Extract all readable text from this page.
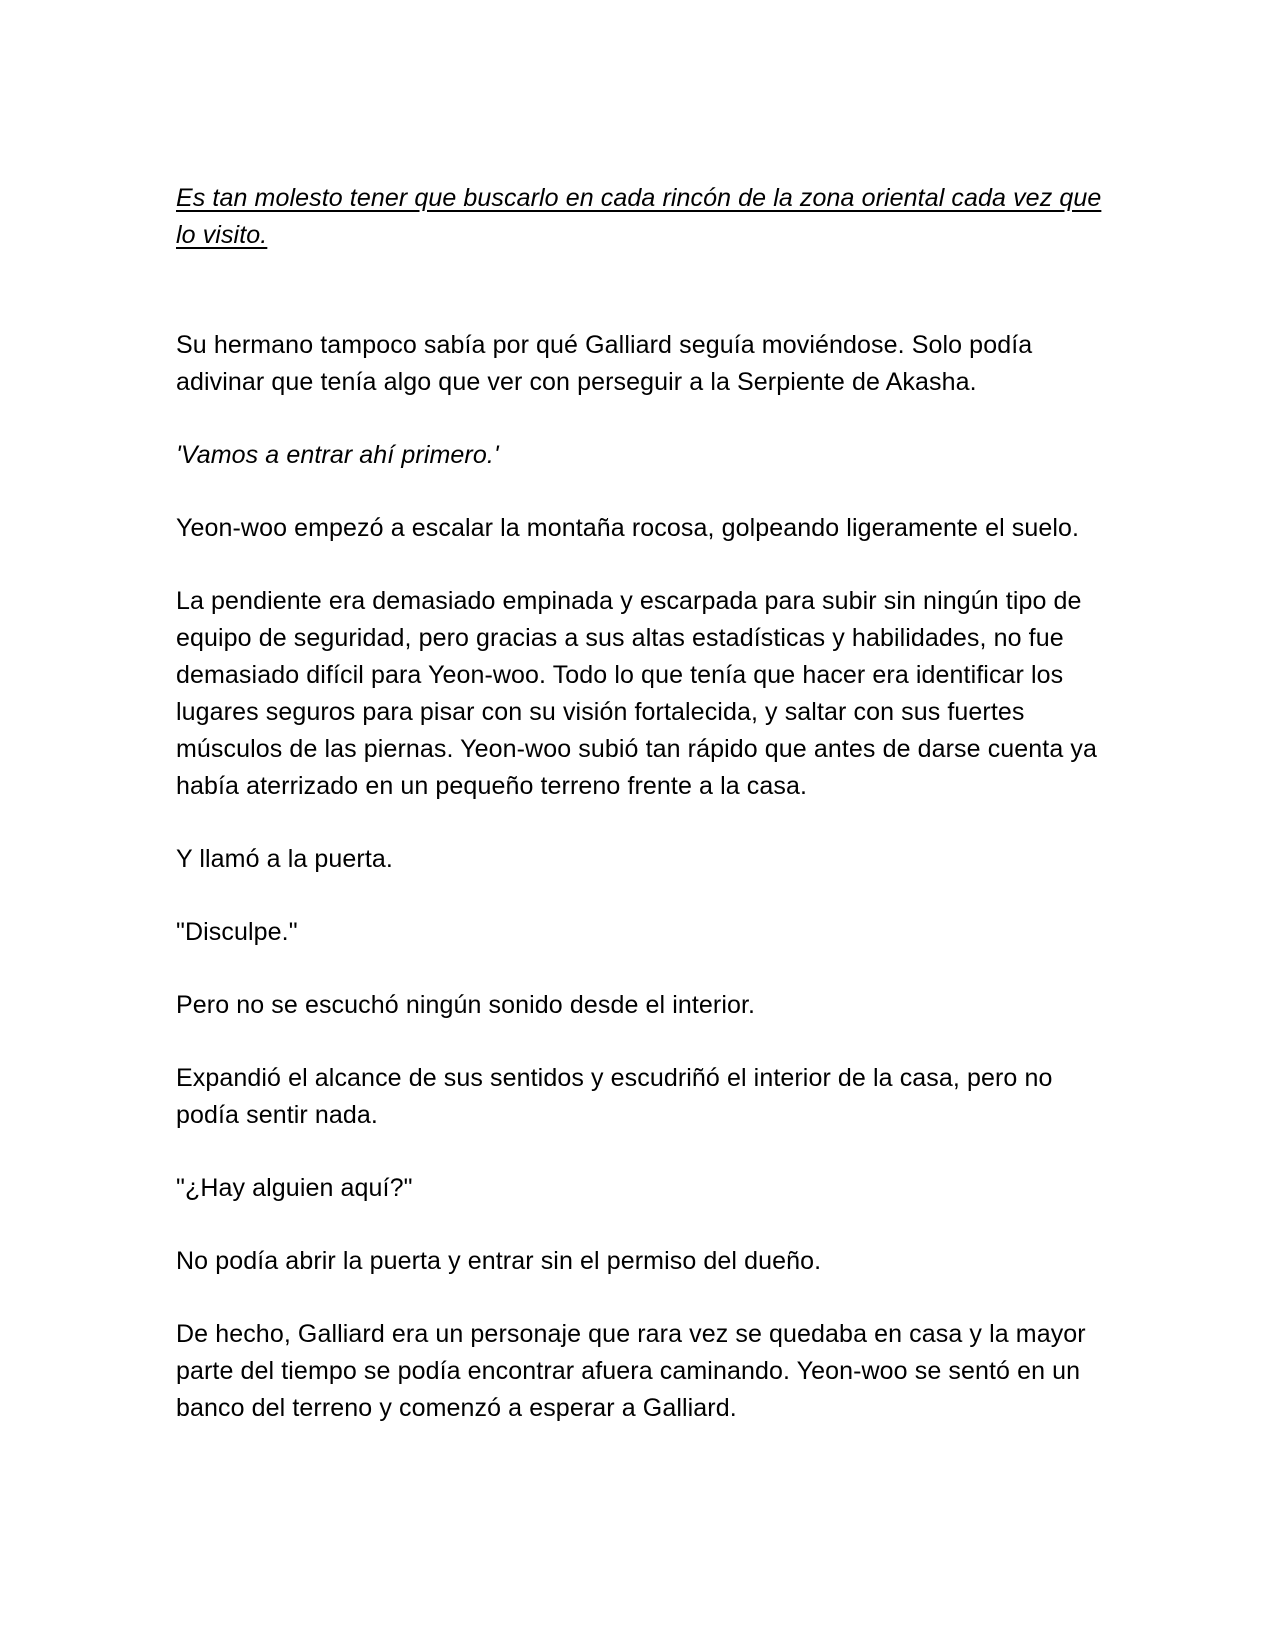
Es tan molesto tener que buscarlo en cada rincón de la zona oriental cada vez que lo visito.

Su hermano tampoco sabía por qué Galliard seguía moviéndose. Solo podía adivinar que tenía algo que ver con perseguir a la Serpiente de Akasha.

'Vamos a entrar ahí primero.'

Yeon-woo empezó a escalar la montaña rocosa, golpeando ligeramente el suelo.

La pendiente era demasiado empinada y escarpada para subir sin ningún tipo de equipo de seguridad, pero gracias a sus altas estadísticas y habilidades, no fue demasiado difícil para Yeon-woo. Todo lo que tenía que hacer era identificar los lugares seguros para pisar con su visión fortalecida, y saltar con sus fuertes músculos de las piernas. Yeon-woo subió tan rápido que antes de darse cuenta ya había aterrizado en un pequeño terreno frente a la casa.

Y llamó a la puerta.

"Disculpe."

Pero no se escuchó ningún sonido desde el interior.

Expandió el alcance de sus sentidos y escudriñó el interior de la casa, pero no podía sentir nada.

"¿Hay alguien aquí?"

No podía abrir la puerta y entrar sin el permiso del dueño.

De hecho, Galliard era un personaje que rara vez se quedaba en casa y la mayor parte del tiempo se podía encontrar afuera caminando. Yeon-woo se sentó en un banco del terreno y comenzó a esperar a Galliard.
